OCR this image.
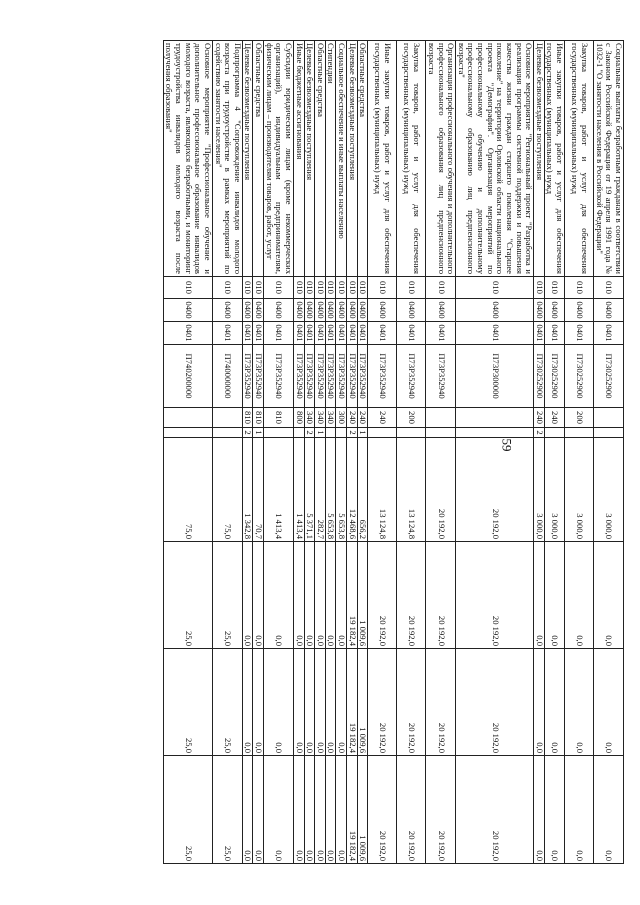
59
Социальные выплаты безработным гражданам в соответствии с Законом Российской Федерации от 19 апреля 1991 года № 1032-1 "О занятости населения в Российской Федерации"	010	0400	0401	П730252900			3 000,0	0,0	0,0	0,0
Закупка товаров, работ и услуг для обеспечения государственных (муниципальных) нужд	010	0400	0401	П730252900	200		3 000,0	0,0	0,0	0,0
Иные закупки товаров, работ и услуг для обеспечения государственных (муниципальных) нужд	010	0400	0401	П730252900	240		3 000,0	0,0	0,0	0,0
Целевые безвозмездные поступления	010	0400	0401	П730252900	240	2	3 000,0	0,0	0,0	0,0
Основное мероприятие "Региональный проект "Разработка и реализация программы системной поддержки и повышения качества жизни граждан старшего поколения "Старшее поколение" на территории Орловской области национального проекта "Демография". Организация мероприятий по профессиональному обучению и дополнительному профессиональному образованию лиц предпенсионного возраста"	010	0400	0401	П73Р300000			20 192,0	20 192,0	20 192,0	20 192,0
Организация профессионального обучения и дополнительного профессионального образования лиц предпенсионного возраста	010	0400	0401	П73Р352940			20 192,0	20 192,0	20 192,0	20 192,0
Закупка товаров, работ и услуг для обеспечения государственных (муниципальных) нужд	010	0400	0401	П73Р352940	200		13 124,8	20 192,0	20 192,0	20 192,0
Иные закупки товаров, работ и услуг для обеспечения государственных (муниципальных) нужд	010	0400	0401	П73Р352940	240		13 124,8	20 192,0	20 192,0	20 192,0
Областные средства	010	0400	0401	П73Р352940	240	1	656,2	1 009,6	1 009,6	1 009,6
Целевые безвозмездные поступления	010	0400	0401	П73Р352940	240	2	12 468,6	19 182,4	19 182,4	19 182,4
Социальное обеспечение и иные выплаты населению	010	0400	0401	П73Р352940	300		5 653,8	0,0	0,0	0,0
Стипендии	010	0400	0401	П73Р352940	340		5 653,8	0,0	0,0	0,0
Областные средства	010	0400	0401	П73Р352940	340	1	282,7	0,0	0,0	0,0
Целевые безвозмездные поступления	010	0400	0401	П73Р352940	340	2	5 371,1	0,0	0,0	0,0
Иные бюджетные ассигнования	010	0400	0401	П73Р352940	800		1 413,4	0,0	0,0	0,0
Субсидии юридическим лицам (кроме некоммерческих организаций), индивидуальным предпринимателям, физическим лицам – производителям товаров, работ, услуг	010	0400	0401	П73Р352940	810		1 413,4	0,0	0,0	0,0
Областные средства	010	0400	0401	П73Р352940	810	1	70,7	0,0	0,0	0,0
Целевые безвозмездные поступления	010	0400	0401	П73Р352940	810	2	1 342,8	0,0	0,0	0,0
Подпрограмма 4 "Сопровождение инвалидов молодого возраста при трудоустройстве в рамках мероприятий по содействию занятости населения"	010	0400	0401	П740000000			75,0	25,0	25,0	25,0
Основное мероприятие "Профессиональное обучение и дополнительное профессиональное образование инвалидов молодого возраста, являющихся безработными, и мониторинг трудоустройства инвалидов молодого возраста после получения образования"	010	0400	0401	П740200000			75,0	25,0	25,0	25,0
